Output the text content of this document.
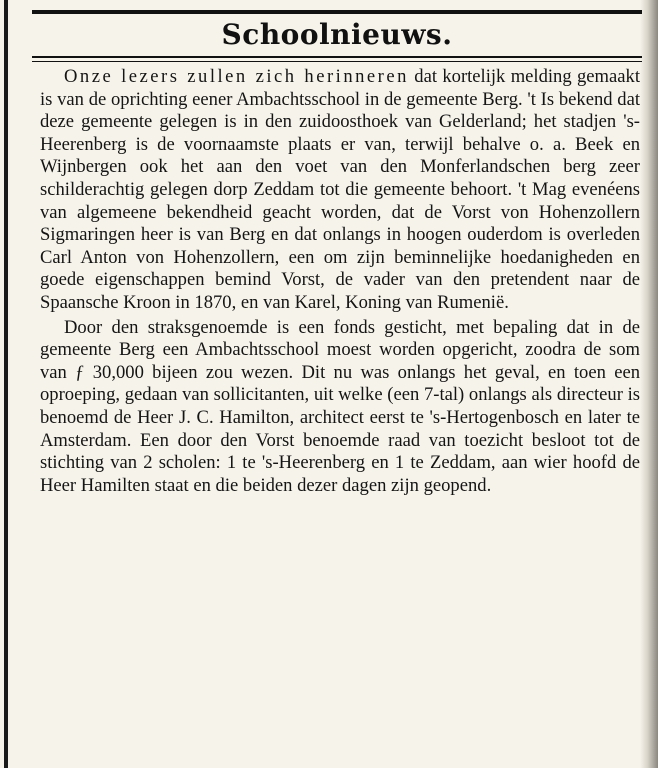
Schoolnieuws.

Onze lezers zullen zich herinneren dat kortelijk melding gemaakt is van de oprichting eener Ambachtsschool in de gemeente Berg. 't Is bekend dat deze gemeente gelegen is in den zuidoosthoek van Gelderland; het stadjen 's-Heerenberg is de voornaamste plaats er van, terwijl behalve o. a. Beek en Wijnbergen ook het aan den voet van den Monferlandschen berg zeer schilderachtig gelegen dorp Zeddam tot die gemeente behoort. 't Mag evenéens van algemeene bekendheid geacht worden, dat de Vorst von Hohenzollern Sigmaringen heer is van Berg en dat onlangs in hoogen ouderdom is overleden Carl Anton von Hohenzollern, een om zijn beminnelijke hoedanigheden en goede eigenschappen bemind Vorst, de vader van den pretendent naar de Spaansche Kroon in 1870, en van Karel, Koning van Rumenië.

Door den straksgenoemde is een fonds gesticht, met bepaling dat in de gemeente Berg een Ambachtsschool moest worden opgericht, zoodra de som van ƒ 30,000 bijeen zou wezen. Dit nu was onlangs het geval, en toen een oproeping, gedaan van sollicitanten, uit welke (een 7-tal) onlangs als directeur is benoemd de Heer J. C. Hamilton, architect eerst te 's-Hertogenbosch en later te Amsterdam. Een door den Vorst benoemde raad van toezicht besloot tot de stichting van 2 scholen: 1 te 's-Heerenberg en 1 te Zeddam, aan wier hoofd de Heer Hamilten staat en die beiden dezer dagen zijn geopend.
